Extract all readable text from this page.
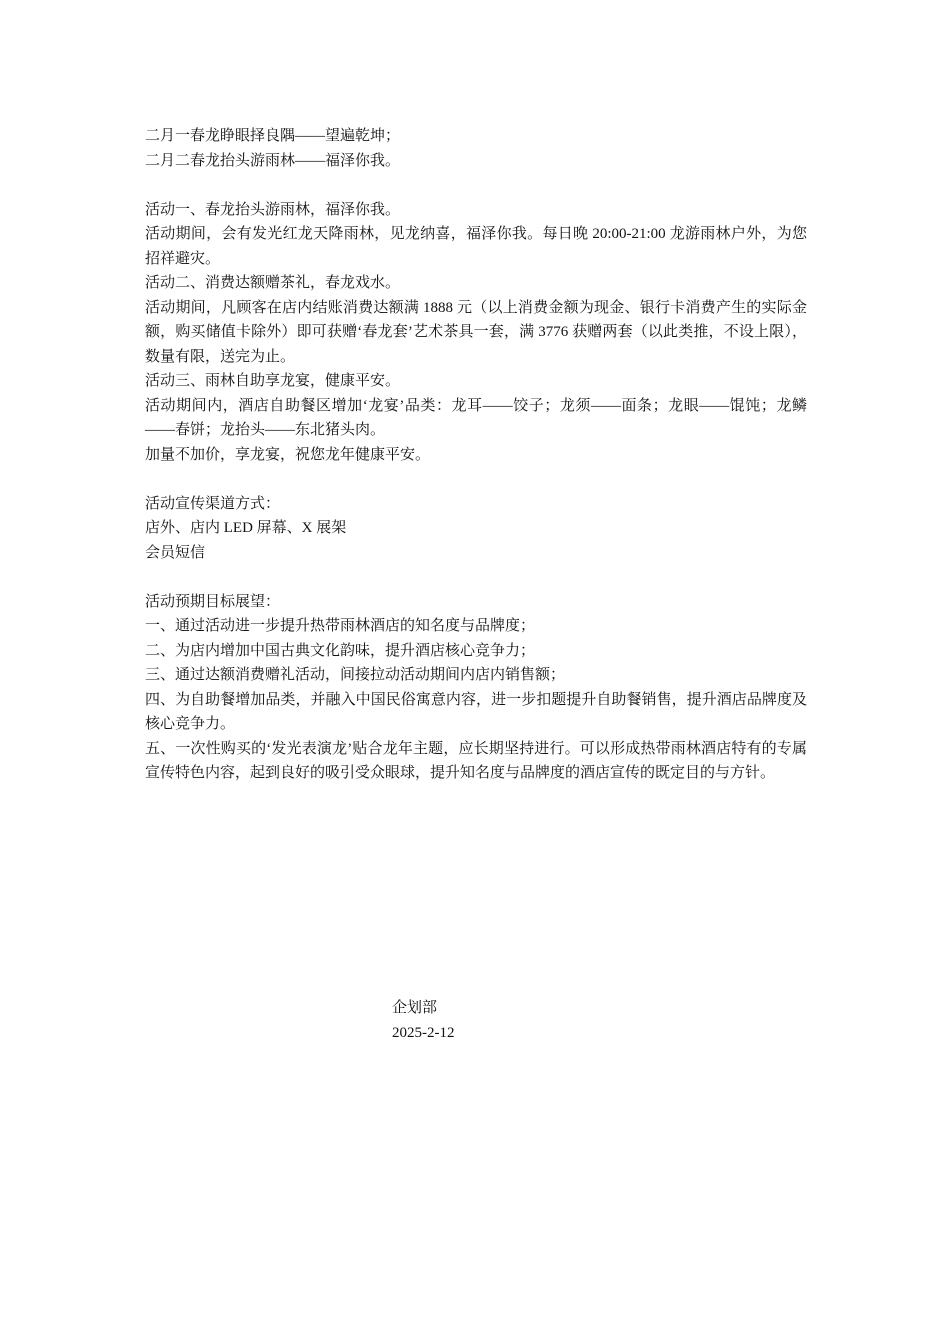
二月一春龙睁眼择良隅——望遍乾坤；

二月二春龙抬头游雨林——福泽你我。

活动一、春龙抬头游雨林，福泽你我。

活动期间，会有发光红龙天降雨林，见龙纳喜，福泽你我。每日晚 20:00-21:00 龙游雨林户外，为您招祥避灾。

活动二、消费达额赠茶礼，春龙戏水。

活动期间，凡顾客在店内结账消费达额满 1888 元（以上消费金额为现金、银行卡消费产生的实际金额，购买储值卡除外）即可获赠‘春龙套’艺术茶具一套，满 3776 获赠两套（以此类推，不设上限），数量有限，送完为止。

活动三、雨林自助享龙宴，健康平安。

活动期间内，酒店自助餐区增加‘龙宴’品类：龙耳——饺子；龙须——面条；龙眼——馄饨；龙鳞——春饼；龙抬头——东北猪头肉。

加量不加价，享龙宴，祝您龙年健康平安。

活动宣传渠道方式：

店外、店内 LED 屏幕、X 展架

会员短信

活动预期目标展望：

一、通过活动进一步提升热带雨林酒店的知名度与品牌度；

二、为店内增加中国古典文化韵味，提升酒店核心竞争力；

三、通过达额消费赠礼活动，间接拉动活动期间内店内销售额；

四、为自助餐增加品类，并融入中国民俗寓意内容，进一步扣题提升自助餐销售，提升酒店品牌度及核心竞争力。

五、一次性购买的‘发光表演龙’贴合龙年主题，应长期坚持进行。可以形成热带雨林酒店特有的专属宣传特色内容，起到良好的吸引受众眼球，提升知名度与品牌度的酒店宣传的既定目的与方针。

企划部

2025-2-12
